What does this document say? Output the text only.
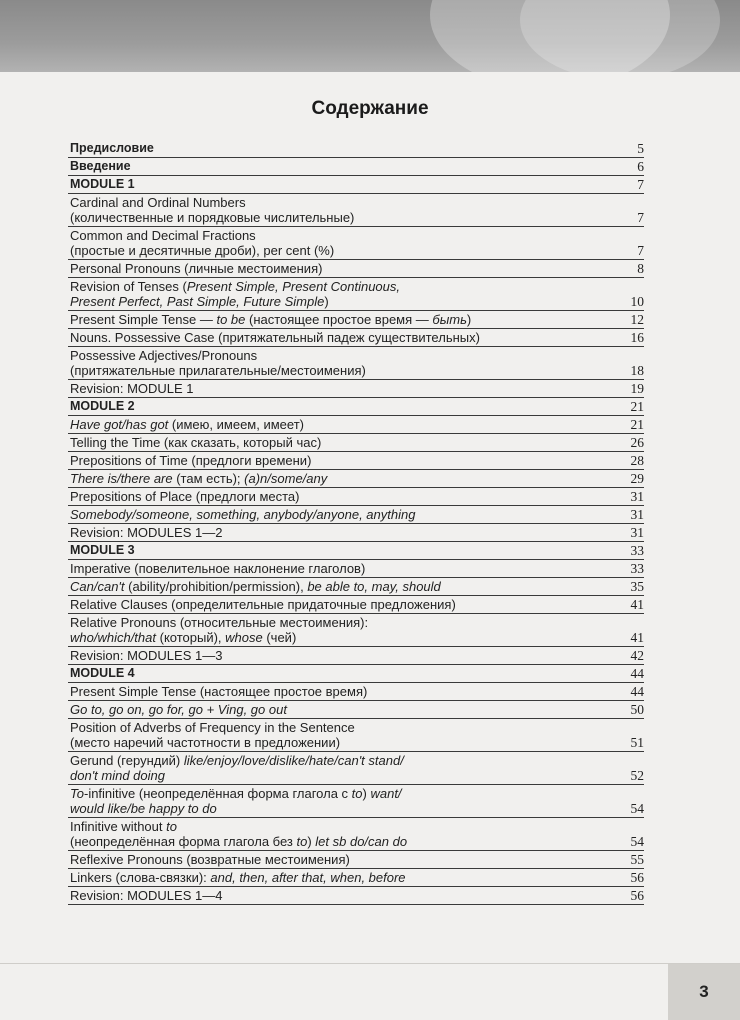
Содержание
Предисловие	5
Введение	6
MODULE 1	7
Cardinal and Ordinal Numbers
(количественные и порядковые числительные)	7
Common and Decimal Fractions
(простые и десятичные дроби), per cent (%)	7
Personal Pronouns (личные местоимения)	8
Revision of Tenses (Present Simple, Present Continuous,
Present Perfect, Past Simple, Future Simple)	10
Present Simple Tense — to be (настоящее простое время — быть)	12
Nouns. Possessive Case (притяжательный падеж существительных)	16
Possessive Adjectives/Pronouns
(притяжательные прилагательные/местоимения)	18
Revision: MODULE 1	19
MODULE 2	21
Have got/has got (имею, имеем, имеет)	21
Telling the Time (как сказать, который час)	26
Prepositions of Time (предлоги времени)	28
There is/there are (там есть); (a)n/some/any	29
Prepositions of Place (предлоги места)	31
Somebody/someone, something, anybody/anyone, anything	31
Revision: MODULES 1—2	31
MODULE 3	33
Imperative (повелительное наклонение глаголов)	33
Can/can't (ability/prohibition/permission), be able to, may, should	35
Relative Clauses (определительные придаточные предложения)	41
Relative Pronouns (относительные местоимения):
who/which/that (который), whose (чей)	41
Revision: MODULES 1—3	42
MODULE 4	44
Present Simple Tense (настоящее простое время)	44
Go to, go on, go for, go + Ving, go out	50
Position of Adverbs of Frequency in the Sentence
(место наречий частотности в предложении)	51
Gerund (герундий) like/enjoy/love/dislike/hate/can't stand/
don't mind doing	52
To-infinitive (неопределённая форма глагола с to) want/
would like/be happy to do	54
Infinitive without to
(неопределённая форма глагола без to) let sb do/can do	54
Reflexive Pronouns (возвратные местоимения)	55
Linkers (слова-связки): and, then, after that, when, before	56
Revision: MODULES 1—4	56
3
